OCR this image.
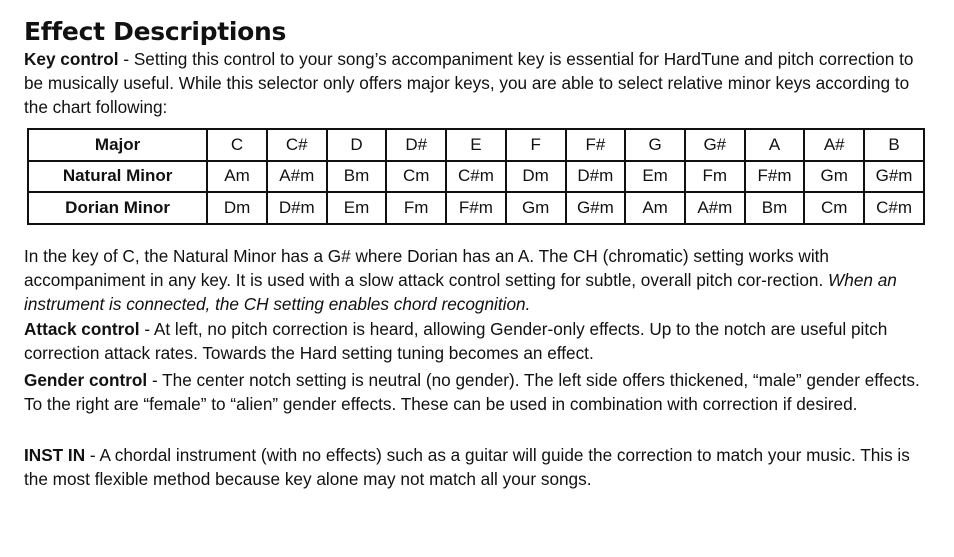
Effect Descriptions

Key control - Setting this control to your song’s accompaniment key is essential for HardTune and pitch correction to be musically useful. While this selector only offers major keys, you are able to select relative minor keys according to the chart following:

Major	C	C#	D	D#	E	F	F#	G	G#	A	A#	B
Natural Minor	Am	A#m	Bm	Cm	C#m	Dm	D#m	Em	Fm	F#m	Gm	G#m
Dorian Minor	Dm	D#m	Em	Fm	F#m	Gm	G#m	Am	A#m	Bm	Cm	C#m

In the key of C, the Natural Minor has a G# where Dorian has an A. The CH (chromatic) setting works with accompaniment in any key. It is used with a slow attack control setting for subtle, overall pitch cor-rection. When an instrument is connected, the CH setting enables chord recognition.

Attack control - At left, no pitch correction is heard, allowing Gender-only effects. Up to the notch are useful pitch correction attack rates. Towards the Hard setting tuning becomes an effect.

Gender control - The center notch setting is neutral (no gender). The left side offers thickened, “male” gender effects. To the right are “female” to “alien” gender effects. These can be used in combination with correction if desired.

INST IN - A chordal instrument (with no effects) such as a guitar will guide the correction to match your music. This is the most flexible method because key alone may not match all your songs.
